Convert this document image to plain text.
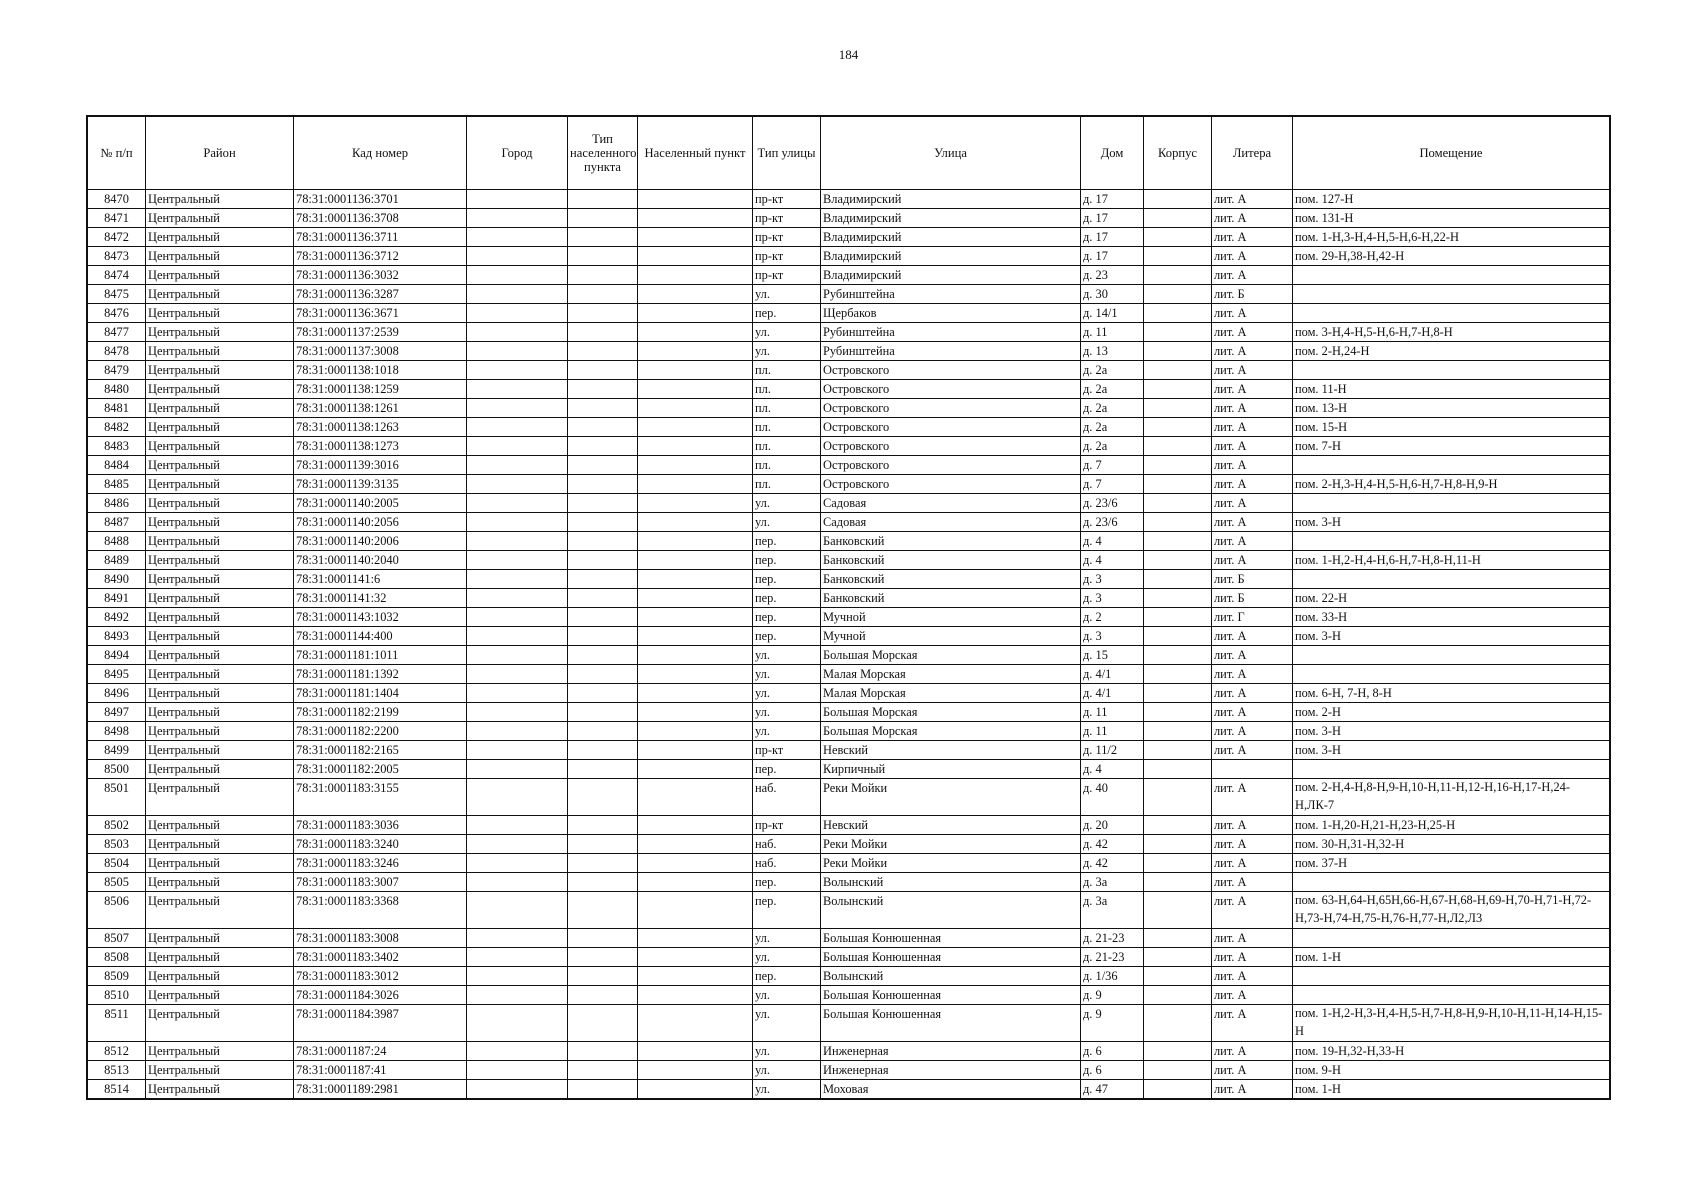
184
№ п/п	Район	Кад номер	Город	Тип населенного пункта	Населенный пункт	Тип улицы	Улица	Дом	Корпус	Литера	Помещение
8470	Центральный	78:31:0001136:3701				пр-кт	Владимирский	д. 17		лит. А	пом. 127-Н
8471	Центральный	78:31:0001136:3708				пр-кт	Владимирский	д. 17		лит. А	пом. 131-Н
8472	Центральный	78:31:0001136:3711				пр-кт	Владимирский	д. 17		лит. А	пом. 1-Н,3-Н,4-Н,5-Н,6-Н,22-Н
8473	Центральный	78:31:0001136:3712				пр-кт	Владимирский	д. 17		лит. А	пом. 29-Н,38-Н,42-Н
8474	Центральный	78:31:0001136:3032				пр-кт	Владимирский	д. 23		лит. А	
8475	Центральный	78:31:0001136:3287				ул.	Рубинштейна	д. 30		лит. Б	
8476	Центральный	78:31:0001136:3671				пер.	Щербаков	д. 14/1		лит. А	
8477	Центральный	78:31:0001137:2539				ул.	Рубинштейна	д. 11		лит. А	пом. 3-Н,4-Н,5-Н,6-Н,7-Н,8-Н
8478	Центральный	78:31:0001137:3008				ул.	Рубинштейна	д. 13		лит. А	пом. 2-Н,24-Н
8479	Центральный	78:31:0001138:1018				пл.	Островского	д. 2а		лит. А	
8480	Центральный	78:31:0001138:1259				пл.	Островского	д. 2а		лит. А	пом. 11-Н
8481	Центральный	78:31:0001138:1261				пл.	Островского	д. 2а		лит. А	пом. 13-Н
8482	Центральный	78:31:0001138:1263				пл.	Островского	д. 2а		лит. А	пом. 15-Н
8483	Центральный	78:31:0001138:1273				пл.	Островского	д. 2а		лит. А	пом. 7-Н
8484	Центральный	78:31:0001139:3016				пл.	Островского	д. 7		лит. А	
8485	Центральный	78:31:0001139:3135				пл.	Островского	д. 7		лит. А	пом. 2-Н,3-Н,4-Н,5-Н,6-Н,7-Н,8-Н,9-Н
8486	Центральный	78:31:0001140:2005				ул.	Садовая	д. 23/6		лит. А	
8487	Центральный	78:31:0001140:2056				ул.	Садовая	д. 23/6		лит. А	пом. 3-Н
8488	Центральный	78:31:0001140:2006				пер.	Банковский	д. 4		лит. А	
8489	Центральный	78:31:0001140:2040				пер.	Банковский	д. 4		лит. А	пом. 1-Н,2-Н,4-Н,6-Н,7-Н,8-Н,11-Н
8490	Центральный	78:31:0001141:6				пер.	Банковский	д. 3		лит. Б	
8491	Центральный	78:31:0001141:32				пер.	Банковский	д. 3		лит. Б	пом. 22-Н
8492	Центральный	78:31:0001143:1032				пер.	Мучной	д. 2		лит. Г	пом. 33-Н
8493	Центральный	78:31:0001144:400				пер.	Мучной	д. 3		лит. А	пом. 3-Н
8494	Центральный	78:31:0001181:1011				ул.	Большая Морская	д. 15		лит. А	
8495	Центральный	78:31:0001181:1392				ул.	Малая Морская	д. 4/1		лит. А	
8496	Центральный	78:31:0001181:1404				ул.	Малая Морская	д. 4/1		лит. А	пом. 6-Н, 7-Н, 8-Н
8497	Центральный	78:31:0001182:2199				ул.	Большая Морская	д. 11		лит. А	пом. 2-Н
8498	Центральный	78:31:0001182:2200				ул.	Большая Морская	д. 11		лит. А	пом. 3-Н
8499	Центральный	78:31:0001182:2165				пр-кт	Невский	д. 11/2		лит. А	пом. 3-Н
8500	Центральный	78:31:0001182:2005				пер.	Кирпичный	д. 4			
8501	Центральный	78:31:0001183:3155				наб.	Реки Мойки	д. 40		лит. А	пом. 2-Н,4-Н,8-Н,9-Н,10-Н,11-Н,12-Н,16-Н,17-Н,24-Н,ЛК-7
8502	Центральный	78:31:0001183:3036				пр-кт	Невский	д. 20		лит. А	пом. 1-Н,20-Н,21-Н,23-Н,25-Н
8503	Центральный	78:31:0001183:3240				наб.	Реки Мойки	д. 42		лит. А	пом. 30-Н,31-Н,32-Н
8504	Центральный	78:31:0001183:3246				наб.	Реки Мойки	д. 42		лит. А	пом. 37-Н
8505	Центральный	78:31:0001183:3007				пер.	Волынский	д. 3а		лит. А	
8506	Центральный	78:31:0001183:3368				пер.	Волынский	д. 3а		лит. А	пом. 63-Н,64-Н,65Н,66-Н,67-Н,68-Н,69-Н,70-Н,71-Н,72-Н,73-Н,74-Н,75-Н,76-Н,77-Н,Л2,Л3
8507	Центральный	78:31:0001183:3008				ул.	Большая Конюшенная	д. 21-23		лит. А	
8508	Центральный	78:31:0001183:3402				ул.	Большая Конюшенная	д. 21-23		лит. А	пом. 1-Н
8509	Центральный	78:31:0001183:3012				пер.	Волынский	д. 1/36		лит. А	
8510	Центральный	78:31:0001184:3026				ул.	Большая Конюшенная	д. 9		лит. А	
8511	Центральный	78:31:0001184:3987				ул.	Большая Конюшенная	д. 9		лит. А	пом. 1-Н,2-Н,3-Н,4-Н,5-Н,7-Н,8-Н,9-Н,10-Н,11-Н,14-Н,15-Н
8512	Центральный	78:31:0001187:24				ул.	Инженерная	д. 6		лит. А	пом. 19-Н,32-Н,33-Н
8513	Центральный	78:31:0001187:41				ул.	Инженерная	д. 6		лит. А	пом. 9-Н
8514	Центральный	78:31:0001189:2981				ул.	Моховая	д. 47		лит. А	пом. 1-Н
